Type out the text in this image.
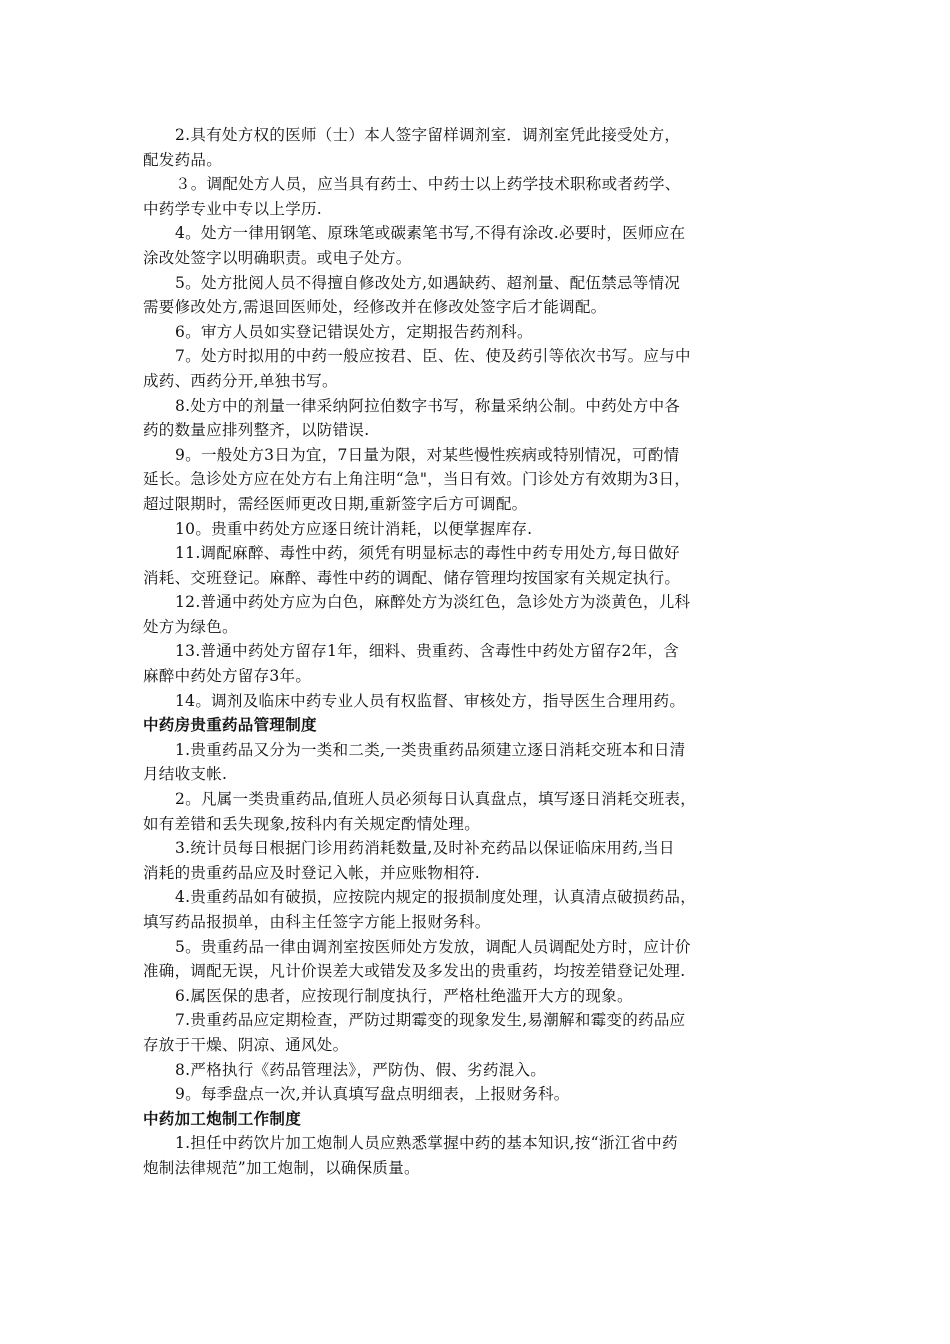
2.具有处方权的医师（士）本人签字留样调剂室．调剂室凭此接受处方，
配发药品。

３。调配处方人员，应当具有药士、中药士以上药学技术职称或者药学、
中药学专业中专以上学历.

4。处方一律用钢笔、原珠笔或碳素笔书写,不得有涂改.必要时，医师应在
涂改处签字以明确职责。或电子处方。

5。处方批阅人员不得擅自修改处方,如遇缺药、超剂量、配伍禁忌等情况
需要修改处方,需退回医师处，经修改并在修改处签字后才能调配。

6。审方人员如实登记错误处方，定期报告药剂科。

7。处方时拟用的中药一般应按君、臣、佐、使及药引等依次书写。应与中
成药、西药分开,单独书写。

8.处方中的剂量一律采纳阿拉伯数字书写，称量采纳公制。中药处方中各
药的数量应排列整齐，以防错误.

9。一般处方3日为宜，7日量为限，对某些慢性疾病或特别情况，可酌情
延长。急诊处方应在处方右上角注明“急"，当日有效。门诊处方有效期为3日，
超过限期时，需经医师更改日期,重新签字后方可调配。

10。贵重中药处方应逐日统计消耗，以便掌握库存.

11.调配麻醉、毒性中药，须凭有明显标志的毒性中药专用处方,每日做好
消耗、交班登记。麻醉、毒性中药的调配、储存管理均按国家有关规定执行。

12.普通中药处方应为白色，麻醉处方为淡红色，急诊处方为淡黄色，儿科
处方为绿色。

13.普通中药处方留存1年，细料、贵重药、含毒性中药处方留存2年，含
麻醉中药处方留存3年。

14。调剂及临床中药专业人员有权监督、审核处方，指导医生合理用药。

中药房贵重药品管理制度

1.贵重药品又分为一类和二类,一类贵重药品须建立逐日消耗交班本和日清
月结收支帐.

2。凡属一类贵重药品,值班人员必须每日认真盘点，填写逐日消耗交班表，
如有差错和丢失现象,按科内有关规定酌情处理。

3.统计员每日根据门诊用药消耗数量,及时补充药品以保证临床用药,当日
消耗的贵重药品应及时登记入帐，并应账物相符.

4.贵重药品如有破损，应按院内规定的报损制度处理，认真清点破损药品，
填写药品报损单，由科主任签字方能上报财务科。

5。贵重药品一律由调剂室按医师处方发放，调配人员调配处方时，应计价
准确，调配无误，凡计价误差大或错发及多发出的贵重药，均按差错登记处理.

6.属医保的患者，应按现行制度执行，严格杜绝滥开大方的现象。

7.贵重药品应定期检查，严防过期霉变的现象发生,易潮解和霉变的药品应
存放于干燥、阴凉、通风处。

8.严格执行《药品管理法》，严防伪、假、劣药混入。

9。每季盘点一次,并认真填写盘点明细表，上报财务科。

中药加工炮制工作制度

1.担任中药饮片加工炮制人员应熟悉掌握中药的基本知识,按“浙江省中药
炮制法律规范”加工炮制，以确保质量。
